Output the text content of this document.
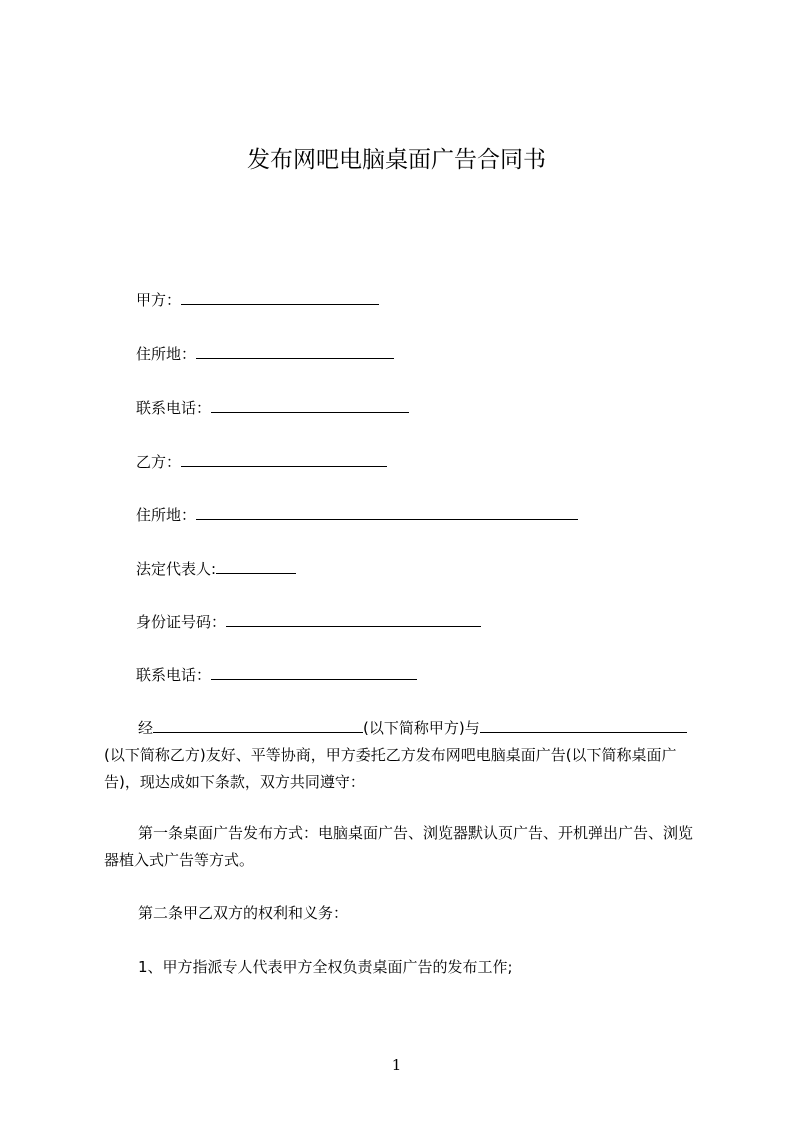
发布网吧电脑桌面广告合同书
甲方：
住所地：
联系电话：
乙方：
住所地：
法定代表人:
身份证号码：
联系电话：
经	(以下简称甲方)与(以下简称乙方)友好、平等协商，甲方委托乙方发布网吧电脑桌面广告(以下简称桌面广告)，现达成如下条款，双方共同遵守：
第一条桌面广告发布方式：电脑桌面广告、浏览器默认页广告、开机弹出广告、浏览器植入式广告等方式。
第二条甲乙双方的权利和义务：
1、甲方指派专人代表甲方全权负责桌面广告的发布工作;
1
